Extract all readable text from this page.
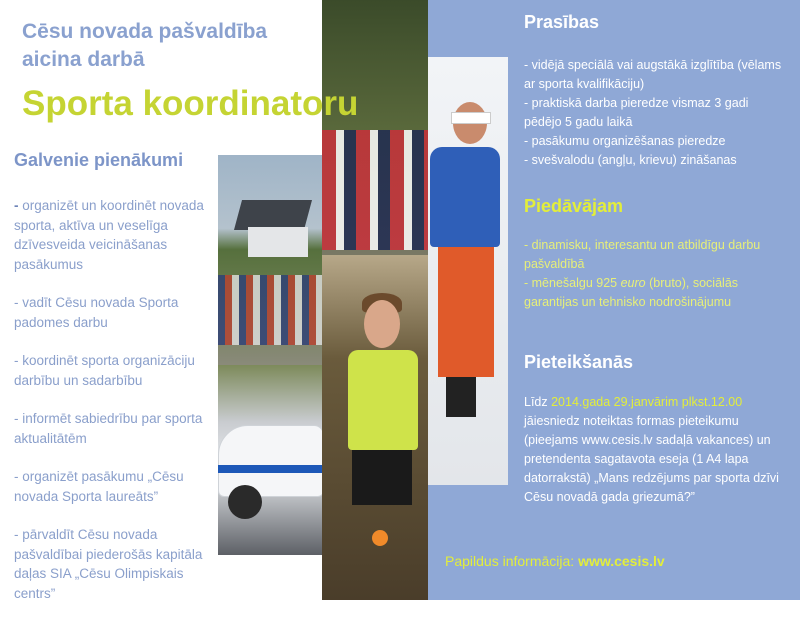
Cēsu novada pašvaldība
aicina darbā
Sporta koordinatoru
Galvenie pienākumi
- organizēt un koordinēt novada sporta, aktīva un veselīga dzīvesveida veicināšanas pasākumus
- vadīt Cēsu novada Sporta padomes darbu
- koordinēt sporta organizāciju darbību un sadarbību
- informēt sabiedrību par sporta aktualitātēm
- organizēt pasākumu „Cēsu novada Sporta laureāts”
- pārvaldīt Cēsu novada pašvaldībai piederošās kapitāla daļas SIA „Cēsu Olimpiskais centrs”
Prasības
- vidējā speciālā vai augstākā izglītība (vēlams ar sporta kvalifikāciju)
- praktiskā darba pieredze vismaz 3 gadi pēdējo 5 gadu laikā
- pasākumu organizēšanas pieredze
- svešvalodu (angļu, krievu) zināšanas
Piedāvājam
- dinamisku, interesantu un atbildīgu darbu pašvaldībā
- mēnešalgu 925 euro (bruto), sociālās garantijas un tehnisko nodrošinājumu
Pieteikšanās
Līdz 2014.gada 29.janvārim plkst.12.00 jāiesniedz noteiktas formas pieteikumu (pieejams www.cesis.lv sadaļā vakances) un pretendenta sagatavota eseja (1 A4 lapa datorrakstā) „Mans redzējums par sporta dzīvi Cēsu novadā gada griezumā?”
Papildus informācija: www.cesis.lv
